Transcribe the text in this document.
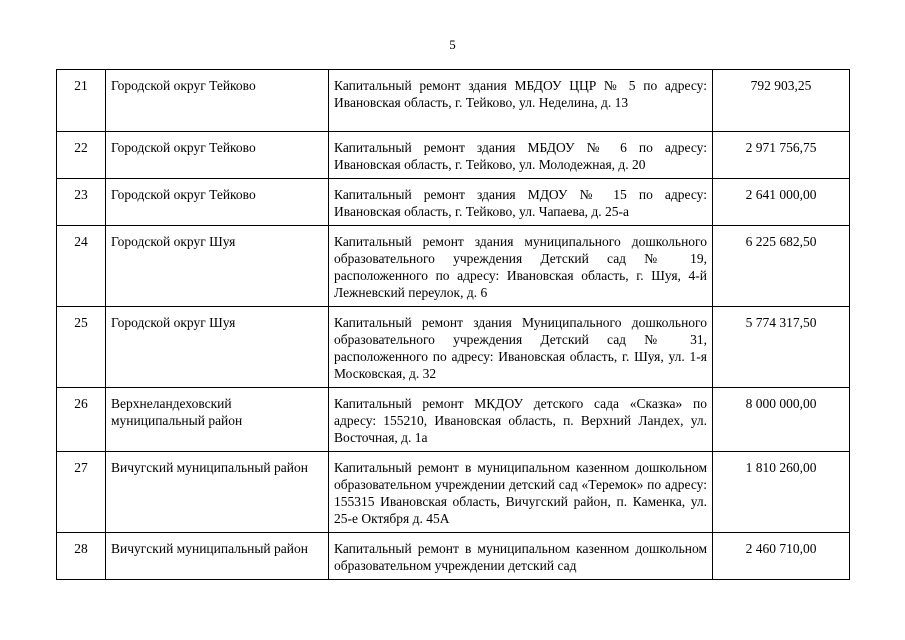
5
21	Городской округ Тейково	Капитальный ремонт здания МБДОУ ЦЦР № 5 по адресу: Ивановская область, г. Тейково, ул. Неделина, д. 13	792 903,25
22	Городской округ Тейково	Капитальный ремонт здания МБДОУ № 6 по адресу: Ивановская область, г. Тейково, ул. Молодежная, д. 20	2 971 756,75
23	Городской округ Тейково	Капитальный ремонт здания МДОУ № 15 по адресу: Ивановская область, г. Тейково, ул. Чапаева, д. 25-а	2 641 000,00
24	Городской округ Шуя	Капитальный ремонт здания муниципального дошкольного образовательного учреждения Детский сад № 19, расположенного по адресу: Ивановская область, г. Шуя, 4-й Лежневский переулок, д. 6	6 225 682,50
25	Городской округ Шуя	Капитальный ремонт здания Муниципального дошкольного образовательного учреждения Детский сад № 31, расположенного по адресу: Ивановская область, г. Шуя, ул. 1-я Московская, д. 32	5 774 317,50
26	Верхнеландеховский муниципальный район	Капитальный ремонт МКДОУ детского сада «Сказка» по адресу: 155210, Ивановская область, п. Верхний Ландех, ул. Восточная, д. 1а	8 000 000,00
27	Вичугский муниципальный район	Капитальный ремонт в муниципальном казенном дошкольном образовательном учреждении детский сад «Теремок» по адресу: 155315 Ивановская область, Вичугский район, п. Каменка, ул. 25-е Октября д. 45А	1 810 260,00
28	Вичугский муниципальный район	Капитальный ремонт в муниципальном казенном дошкольном образовательном учреждении детский сад	2 460 710,00
